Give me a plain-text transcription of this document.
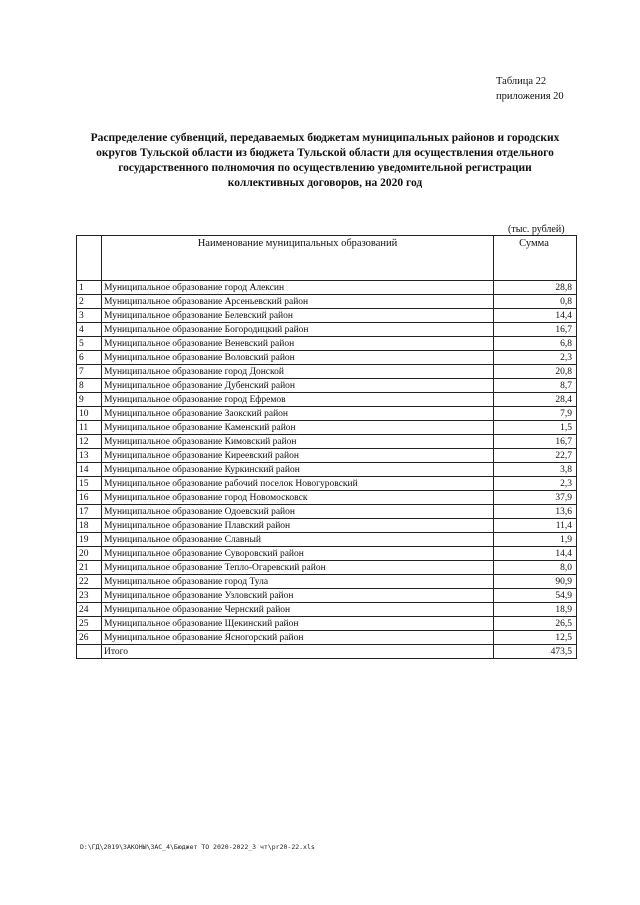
Таблица 22
приложения 20
Распределение субвенций, передаваемых бюджетам муниципальных районов и городских округов Тульской области из бюджета Тульской области для осуществления отдельного государственного полномочия по осуществлению уведомительной регистрации коллективных договоров, на 2020 год
(тыс. рублей)
	Наименование муниципальных образований	Сумма
1	Муниципальное образование город Алексин	28,8
2	Муниципальное образование Арсеньевский район	0,8
3	Муниципальное образование Белевский район	14,4
4	Муниципальное образование Богородицкий район	16,7
5	Муниципальное образование Веневский район	6,8
6	Муниципальное образование Воловский район	2,3
7	Муниципальное образование город Донской	20,8
8	Муниципальное образование Дубенский район	8,7
9	Муниципальное образование город Ефремов	28,4
10	Муниципальное образование Заокский район	7,9
11	Муниципальное образование Каменский район	1,5
12	Муниципальное образование Кимовский район	16,7
13	Муниципальное образование Киреевский район	22,7
14	Муниципальное образование Куркинский район	3,8
15	Муниципальное образование рабочий поселок Новогуровский	2,3
16	Муниципальное образование город Новомосковск	37,9
17	Муниципальное образование Одоевский район	13,6
18	Муниципальное образование Плавский район	11,4
19	Муниципальное образование Славный	1,9
20	Муниципальное образование Суворовский район	14,4
21	Муниципальное образование Тепло-Огаревский район	8,0
22	Муниципальное образование город Тула	90,9
23	Муниципальное образование Узловский район	54,9
24	Муниципальное образование Чернский район	18,9
25	Муниципальное образование Щекинский район	26,5
26	Муниципальное образование Ясногорский район	12,5
	Итого	473,5
D:\ГД\2019\ЗАКОНЫ\ЗАС_4\Бюджет ТО 2020-2022_3 чт\pr20-22.xls
